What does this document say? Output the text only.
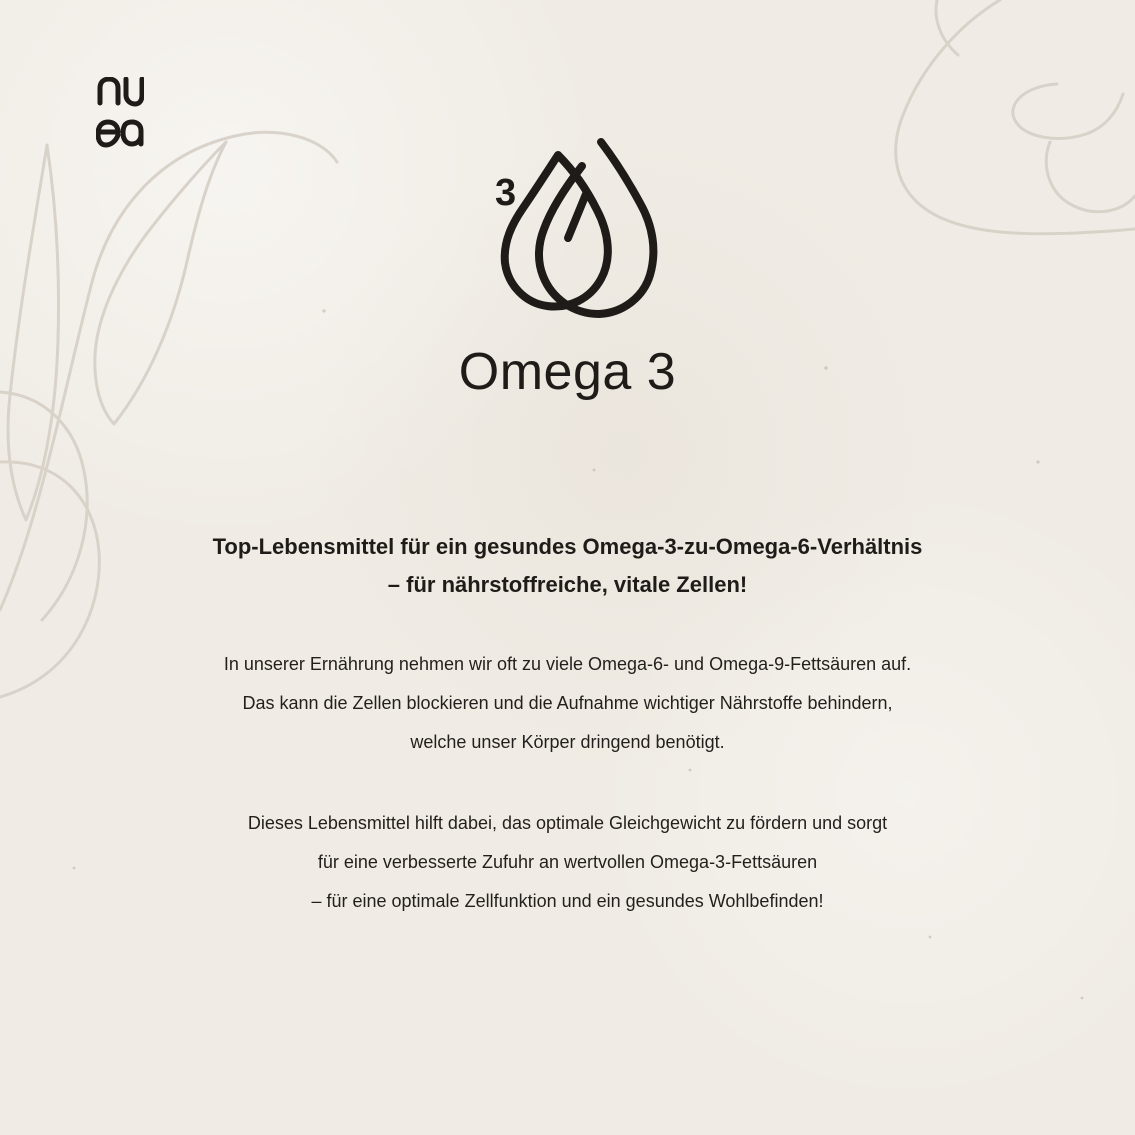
3
Omega 3
Top-Lebensmittel für ein gesundes Omega-3-zu-Omega-6-Verhältnis
– für nährstoffreiche, vitale Zellen!
In unserer Ernährung nehmen wir oft zu viele Omega-6- und Omega-9-Fettsäuren auf.
Das kann die Zellen blockieren und die Aufnahme wichtiger Nährstoffe behindern,
welche unser Körper dringend benötigt.
Dieses Lebensmittel hilft dabei, das optimale Gleichgewicht zu fördern und sorgt
für eine verbesserte Zufuhr an wertvollen Omega-3-Fettsäuren
– für eine optimale Zellfunktion und ein gesundes Wohlbefinden!
